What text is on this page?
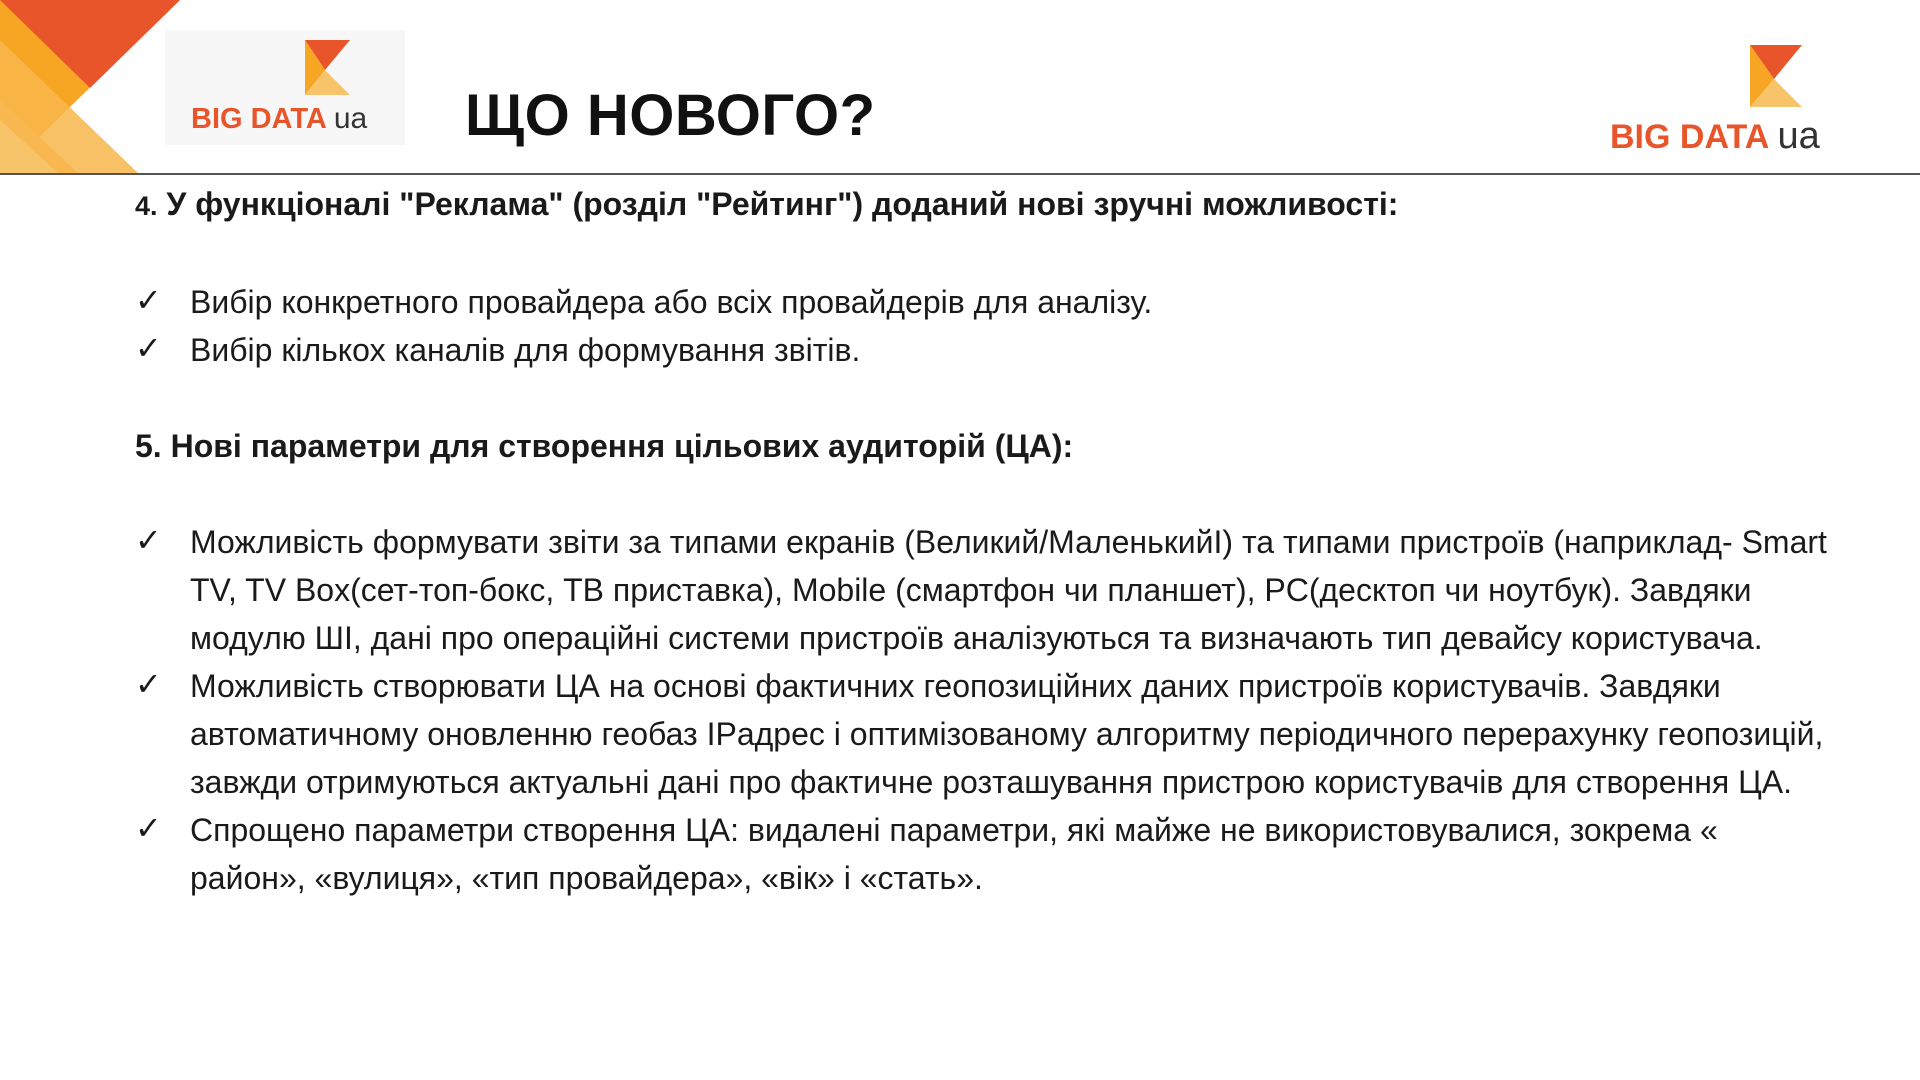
BIG DATA ua ЩО НОВОГО?	BIG DATA ua

4. У функціоналі "Реклама" (розділ "Рейтинг") доданий нові зручні можливості:

✓ Вибір конкретного провайдера або всіх провайдерів для аналізу.

✓ Вибір кількох каналів для формування звітів.

5. Нові параметри для створення цільових аудиторій (ЦА):

✓ Можливість формувати звіти за типами екранів (Великий/МаленькийI) та типами пристроїв (наприклад- Smart TV, TV Box(сет-топ-бокс, ТВ приставка), Mobile (смартфон чи планшет), PC(десктоп чи ноутбук). Завдяки модулю ШІ, дані про операційні системи пристроїв аналізуються та визначають тип девайсу користувача.

✓ Можливість створювати ЦА на основі фактичних геопозиційних даних пристроїв користувачів. Завдяки автоматичному оновленню геобаз IPадрес і оптимізованому алгоритму періодичного перерахунку геопозицій, завжди отримуються актуальні дані про фактичне розташування пристрою користувачів для створення ЦА.

✓ Спрощено параметри створення ЦА: видалені параметри, які майже не використовувалися, зокрема « район», «вулиця», «тип провайдера», «вік» і «стать».
